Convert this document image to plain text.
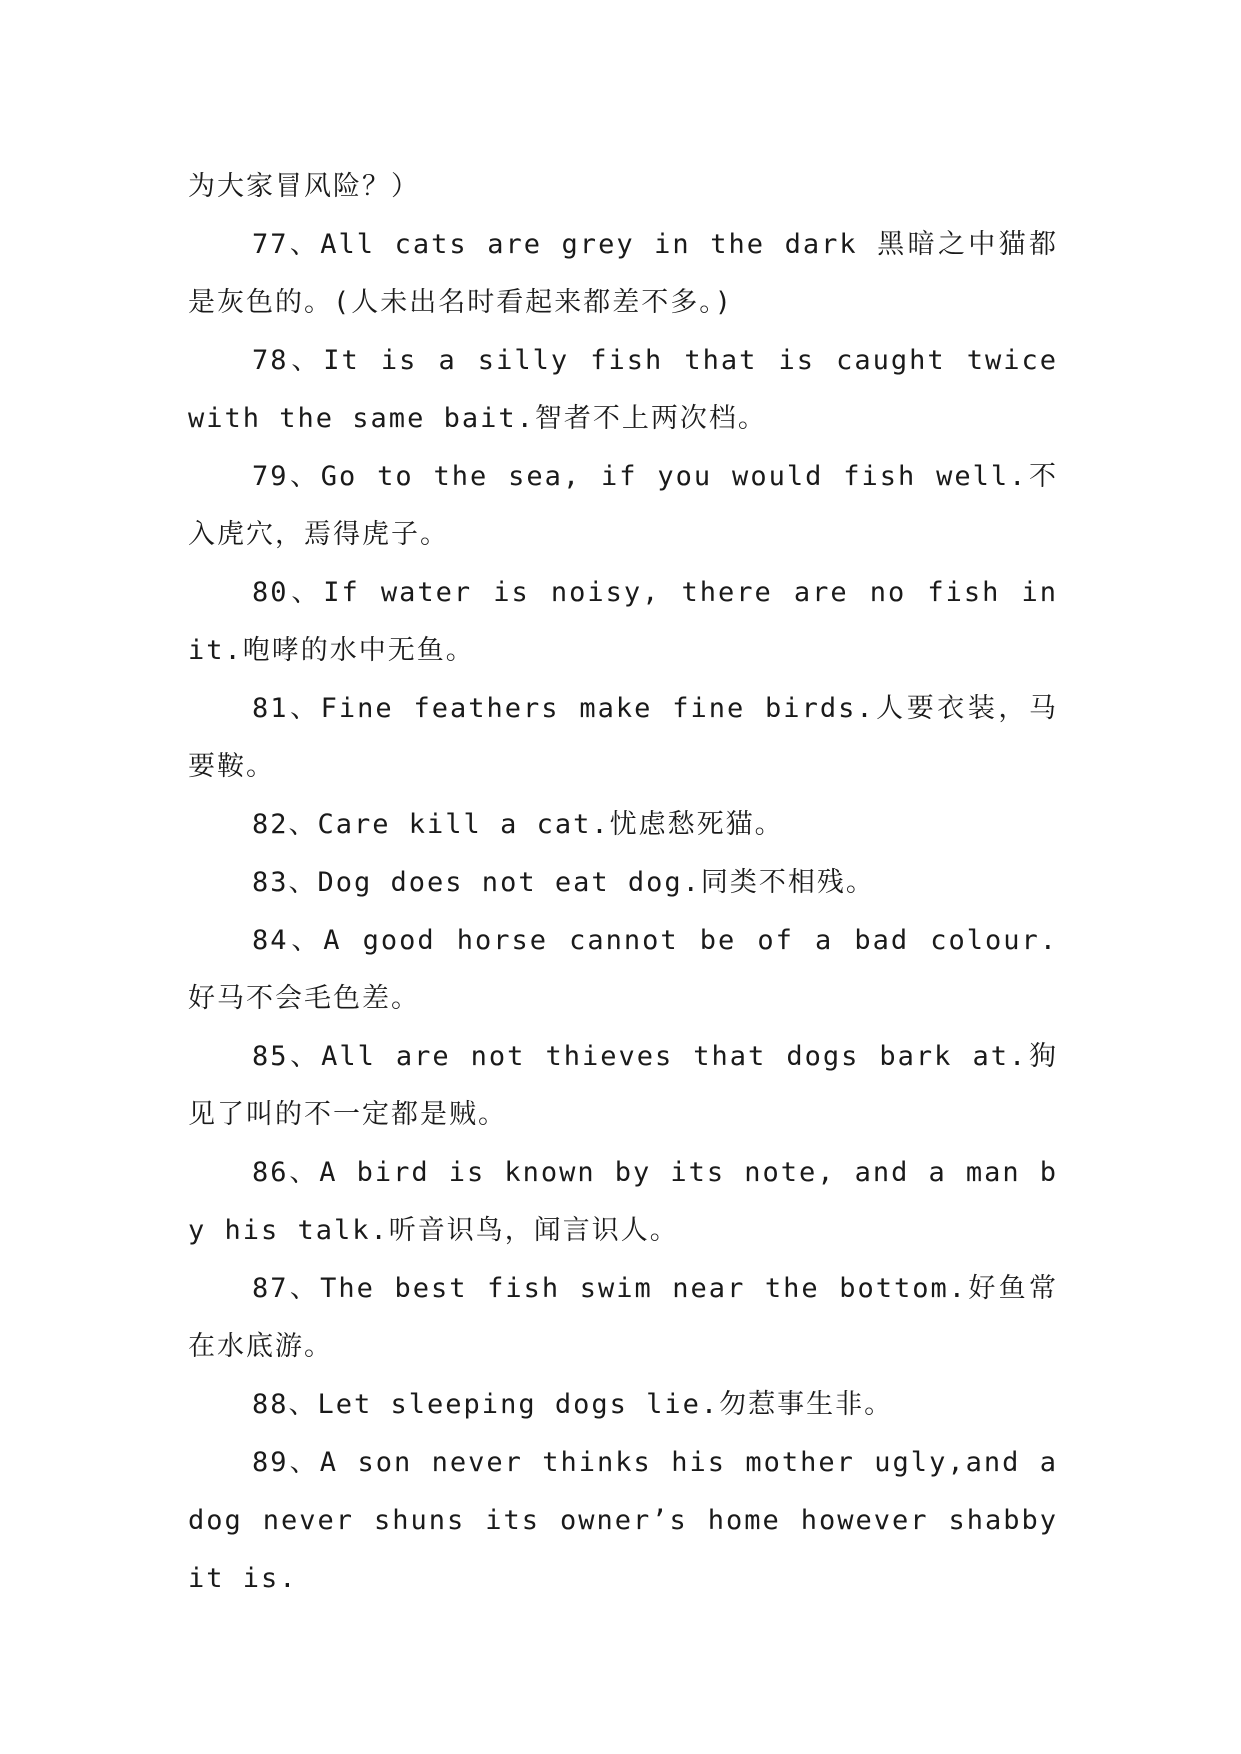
为大家冒风险？）

77、All cats are grey in the dark 黑暗之中猫都是灰色的。(人未出名时看起来都差不多。)

78、It is a silly fish that is caught twice with the same bait.智者不上两次档。

79、Go to the sea, if you would fish well.不入虎穴，焉得虎子。

80、If water is noisy, there are no fish in it.咆哮的水中无鱼。

81、Fine feathers make fine birds.人要衣装，马要鞍。

82、Care kill a cat.忧虑愁死猫。

83、Dog does not eat dog.同类不相残。

84、A good horse cannot be of a bad colour.好马不会毛色差。

85、All are not thieves that dogs bark at.狗见了叫的不一定都是贼。

86、A bird is known by its note, and a man by his talk.听音识鸟，闻言识人。

87、The best fish swim near the bottom.好鱼常在水底游。

88、Let sleeping dogs lie.勿惹事生非。

89、A son never thinks his mother ugly,and a dog never shuns its owner’s home however shabby it is.
